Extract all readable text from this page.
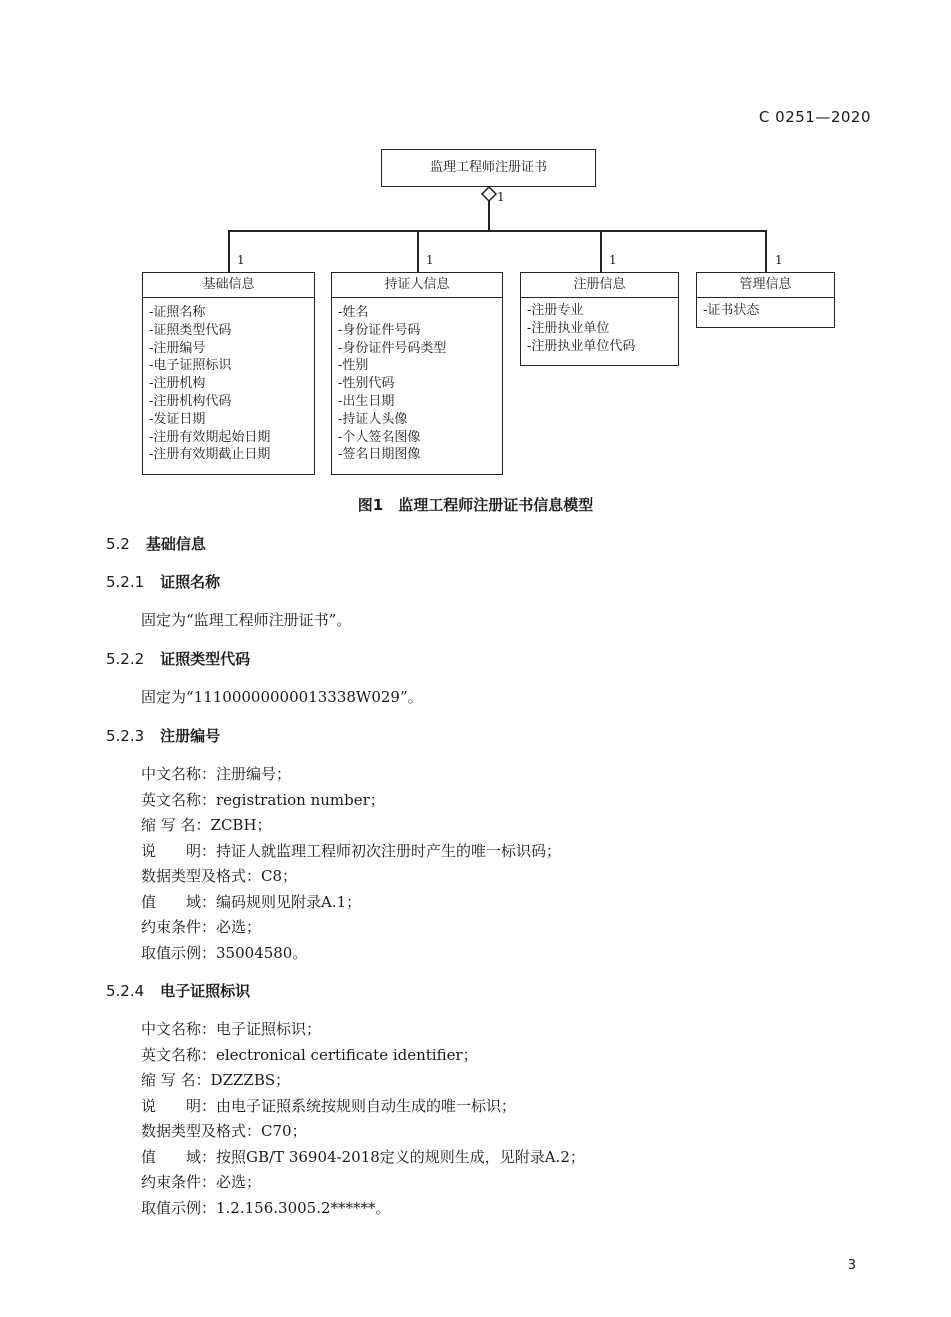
C 0251—2020
监理工程师注册证书
1
1	1	1	1
基础信息
-证照名称
-证照类型代码
-注册编号
-电子证照标识
-注册机构
-注册机构代码
-发证日期
-注册有效期起始日期
-注册有效期截止日期
持证人信息
-姓名
-身份证件号码
-身份证件号码类型
-性别
-性别代码
-出生日期
-持证人头像
-个人签名图像
-签名日期图像
注册信息
-注册专业
-注册执业单位
-注册执业单位代码
管理信息
-证书状态
图1　监理工程师注册证书信息模型
5.2 基础信息
5.2.1 证照名称
固定为“监理工程师注册证书”。
5.2.2 证照类型代码
固定为“11100000000013338W029”。
5.2.3 注册编号
中文名称：注册编号；
英文名称：registration number；
缩 写 名：ZCBH；
说　　明：持证人就监理工程师初次注册时产生的唯一标识码；
数据类型及格式：C8；
值　　域：编码规则见附录A.1；
约束条件：必选；
取值示例：35004580。
5.2.4 电子证照标识
中文名称：电子证照标识；
英文名称：electronical certificate identifier；
缩 写 名：DZZZBS；
说　　明：由电子证照系统按规则自动生成的唯一标识；
数据类型及格式：C70；
值　　域：按照GB/T 36904-2018定义的规则生成，见附录A.2；
约束条件：必选；
取值示例：1.2.156.3005.2******。
3
